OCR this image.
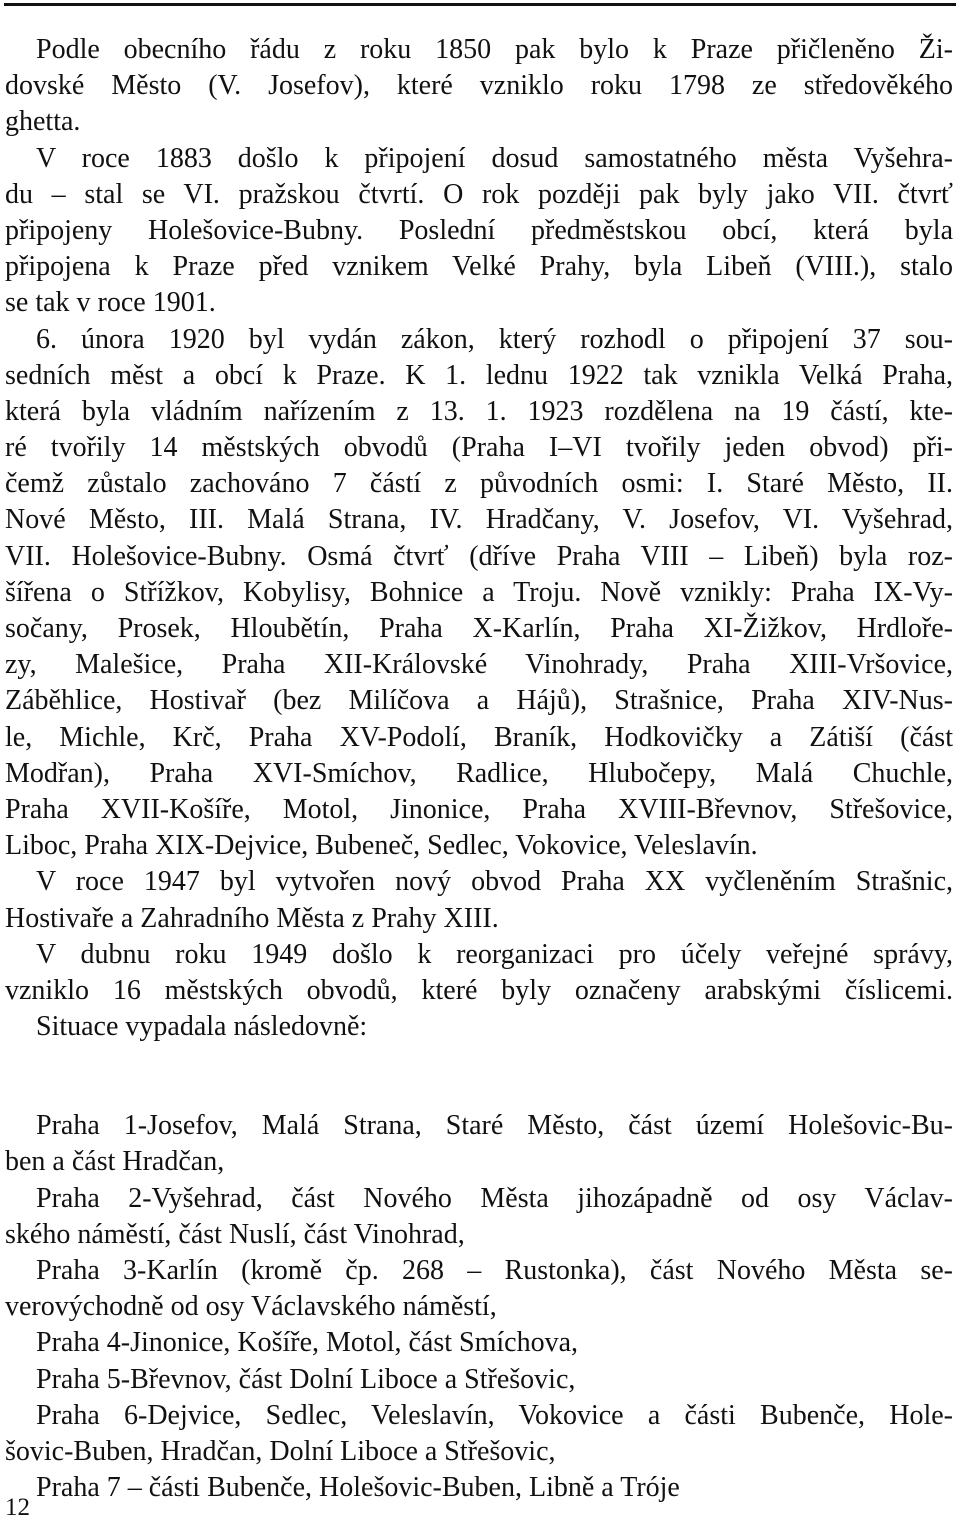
Podle obecního řádu z roku 1850 pak bylo k Praze přičleněno Ži-
dovské Město (V. Josefov), které vzniklo roku 1798 ze středověkého
ghetta.
V roce 1883 došlo k připojení dosud samostatného města Vyšehra-
du – stal se VI. pražskou čtvrtí. O rok později pak byly jako VII. čtvrť
připojeny Holešovice-Bubny. Poslední předměstskou obcí, která byla
připojena k Praze před vznikem Velké Prahy, byla Libeň (VIII.), stalo
se tak v roce 1901.
6. února 1920 byl vydán zákon, který rozhodl o připojení 37 sou-
sedních měst a obcí k Praze. K 1. lednu 1922 tak vznikla Velká Praha,
která byla vládním nařízením z 13. 1. 1923 rozdělena na 19 částí, kte-
ré tvořily 14 městských obvodů (Praha I–VI tvořily jeden obvod) při-
čemž zůstalo zachováno 7 částí z původních osmi: I. Staré Město, II.
Nové Město, III. Malá Strana, IV. Hradčany, V. Josefov, VI. Vyšehrad,
VII. Holešovice-Bubny. Osmá čtvrť (dříve Praha VIII – Libeň) byla roz-
šířena o Střížkov, Kobylisy, Bohnice a Troju. Nově vznikly: Praha IX-Vy-
sočany, Prosek, Hloubětín, Praha X-Karlín, Praha XI-Žižkov, Hrdloře-
zy, Malešice, Praha XII-Královské Vinohrady, Praha XIII-Vršovice,
Záběhlice, Hostivař (bez Milíčova a Hájů), Strašnice, Praha XIV-Nus-
le, Michle, Krč, Praha XV-Podolí, Braník, Hodkovičky a Zátiší (část
Modřan), Praha XVI-Smíchov, Radlice, Hlubočepy, Malá Chuchle,
Praha XVII-Košíře, Motol, Jinonice, Praha XVIII-Břevnov, Střešovice,
Liboc, Praha XIX-Dejvice, Bubeneč, Sedlec, Vokovice, Veleslavín.
V roce 1947 byl vytvořen nový obvod Praha XX vyčleněním Strašnic,
Hostivaře a Zahradního Města z Prahy XIII.
V dubnu roku 1949 došlo k reorganizaci pro účely veřejné správy,
vzniklo 16 městských obvodů, které byly označeny arabskými číslicemi.
Situace vypadala následovně:
Praha 1-Josefov, Malá Strana, Staré Město, část území Holešovic-Bu-
ben a část Hradčan,
Praha 2-Vyšehrad, část Nového Města jihozápadně od osy Václav-
ského náměstí, část Nuslí, část Vinohrad,
Praha 3-Karlín (kromě čp. 268 – Rustonka), část Nového Města se-
verovýchodně od osy Václavského náměstí,
Praha 4-Jinonice, Košíře, Motol, část Smíchova,
Praha 5-Břevnov, část Dolní Liboce a Střešovic,
Praha 6-Dejvice, Sedlec, Veleslavín, Vokovice a části Bubenče, Hole-
šovic-Buben, Hradčan, Dolní Liboce a Střešovic,
Praha 7 – části Bubenče, Holešovic-Buben, Libně a Tróje
12
